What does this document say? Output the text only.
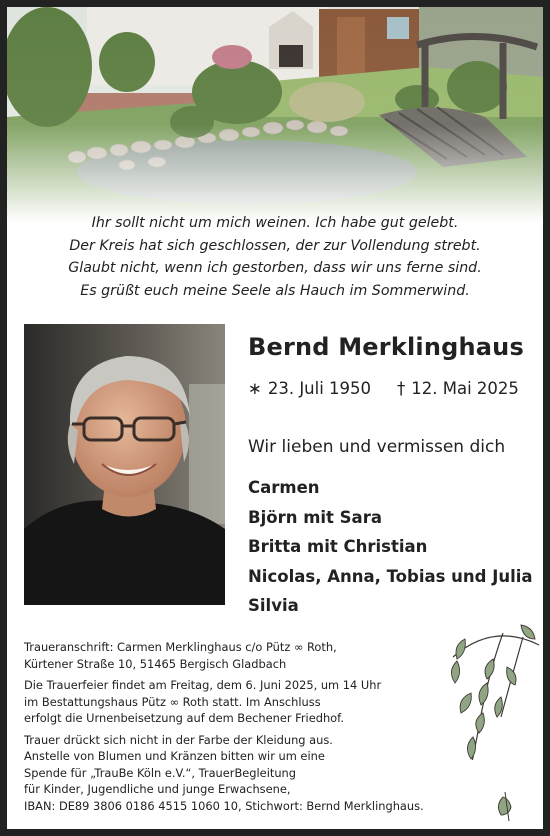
Ihr sollt nicht um mich weinen. Ich habe gut gelebt.
Der Kreis hat sich geschlossen, der zur Vollendung strebt.
Glaubt nicht, wenn ich gestorben, dass wir uns ferne sind.
Es grüßt euch meine Seele als Hauch im Sommerwind.
Bernd Merklinghaus
∗ 23. Juli 1950 † 12. Mai 2025
Wir lieben und vermissen dich
Carmen
Björn mit Sara
Britta mit Christian
Nicolas, Anna, Tobias und Julia
Silvia
Traueranschrift: Carmen Merklinghaus c/o Pütz ∞ Roth,
Kürtener Straße 10, 51465 Bergisch Gladbach
Die Trauerfeier findet am Freitag, dem 6. Juni 2025, um 14 Uhr
im Bestattungshaus Pütz ∞ Roth statt. Im Anschluss
erfolgt die Urnenbeisetzung auf dem Bechener Friedhof.
Trauer drückt sich nicht in der Farbe der Kleidung aus.
Anstelle von Blumen und Kränzen bitten wir um eine
Spende für „TrauBe Köln e.V.“, TrauerBegleitung
für Kinder, Jugendliche und junge Erwachsene,
IBAN: DE89 3806 0186 4515 1060 10, Stichwort: Bernd Merklinghaus.
